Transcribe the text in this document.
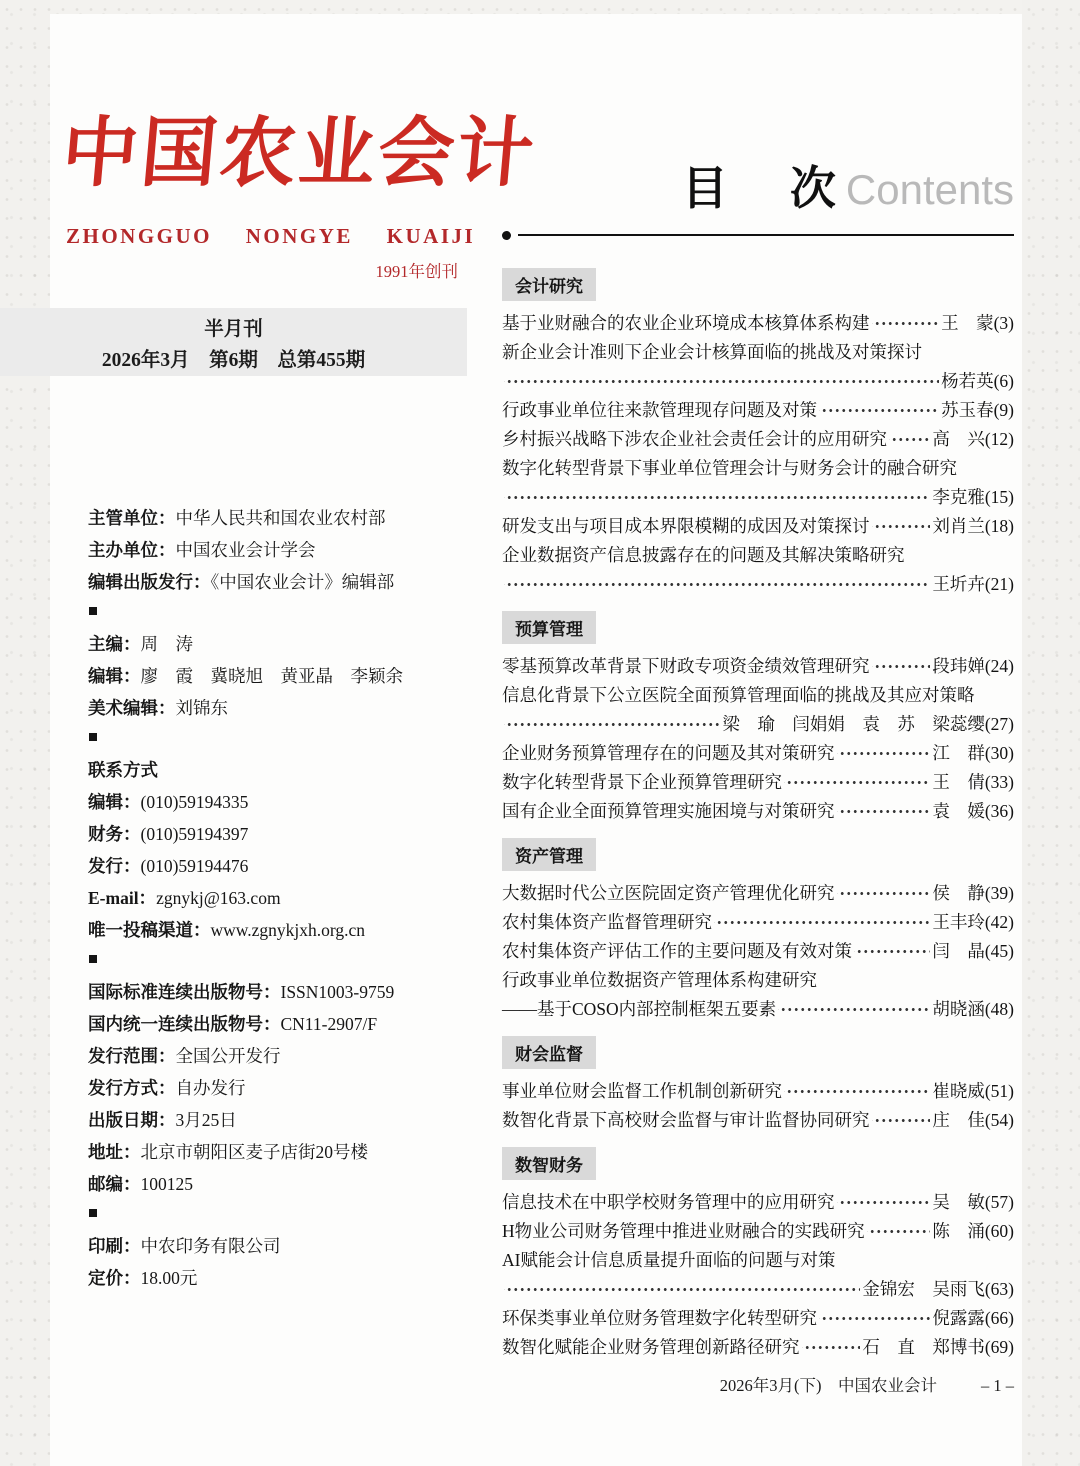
中国农业会计
ZHONGGUO NONGYE KUAIJI
1991年创刊
半月刊
2026年3月　第6期　总第455期
主管单位：中华人民共和国农业农村部
主办单位：中国农业会计学会
编辑出版发行：《中国农业会计》编辑部
主编：周　涛
编辑：廖　霞　冀晓旭　黄亚晶　李颖余
美术编辑：刘锦东
联系方式
编辑：(010)59194335
财务：(010)59194397
发行：(010)59194476
E-mail：zgnykj@163.com
唯一投稿渠道：www.zgnykjxh.org.cn
国际标准连续出版物号：ISSN1003-9759
国内统一连续出版物号：CN11-2907/F
发行范围：全国公开发行
发行方式：自办发行
出版日期：3月25日
地址：北京市朝阳区麦子店街20号楼
邮编：100125
印刷：中农印务有限公司
定价：18.00元
目　次Contents
会计研究
基于业财融合的农业企业环境成本核算体系构建	王　蒙(3)
新企业会计准则下企业会计核算面临的挑战及对策探讨
杨若英(6)
行政事业单位往来款管理现存问题及对策	苏玉春(9)
乡村振兴战略下涉农企业社会责任会计的应用研究	高　兴(12)
数字化转型背景下事业单位管理会计与财务会计的融合研究
李克雅(15)
研发支出与项目成本界限模糊的成因及对策探讨	刘肖兰(18)
企业数据资产信息披露存在的问题及其解决策略研究
王圻卉(21)
预算管理
零基预算改革背景下财政专项资金绩效管理研究	段玮婵(24)
信息化背景下公立医院全面预算管理面临的挑战及其应对策略
梁　瑜　闫娟娟　袁　苏　梁蕊缨(27)
企业财务预算管理存在的问题及其对策研究	江　群(30)
数字化转型背景下企业预算管理研究	王　倩(33)
国有企业全面预算管理实施困境与对策研究	袁　媛(36)
资产管理
大数据时代公立医院固定资产管理优化研究	侯　静(39)
农村集体资产监督管理研究	王丰玲(42)
农村集体资产评估工作的主要问题及有效对策	闫　晶(45)
行政事业单位数据资产管理体系构建研究
——基于COSO内部控制框架五要素	胡晓涵(48)
财会监督
事业单位财会监督工作机制创新研究	崔晓威(51)
数智化背景下高校财会监督与审计监督协同研究	庄　佳(54)
数智财务
信息技术在中职学校财务管理中的应用研究	吴　敏(57)
H物业公司财务管理中推进业财融合的实践研究	陈　涌(60)
AI赋能会计信息质量提升面临的问题与对策
金锦宏　吴雨飞(63)
环保类事业单位财务管理数字化转型研究	倪露露(66)
数智化赋能企业财务管理创新路径研究	石　直　郑博书(69)
2026年3月(下)　中国农业会计	– 1 –
